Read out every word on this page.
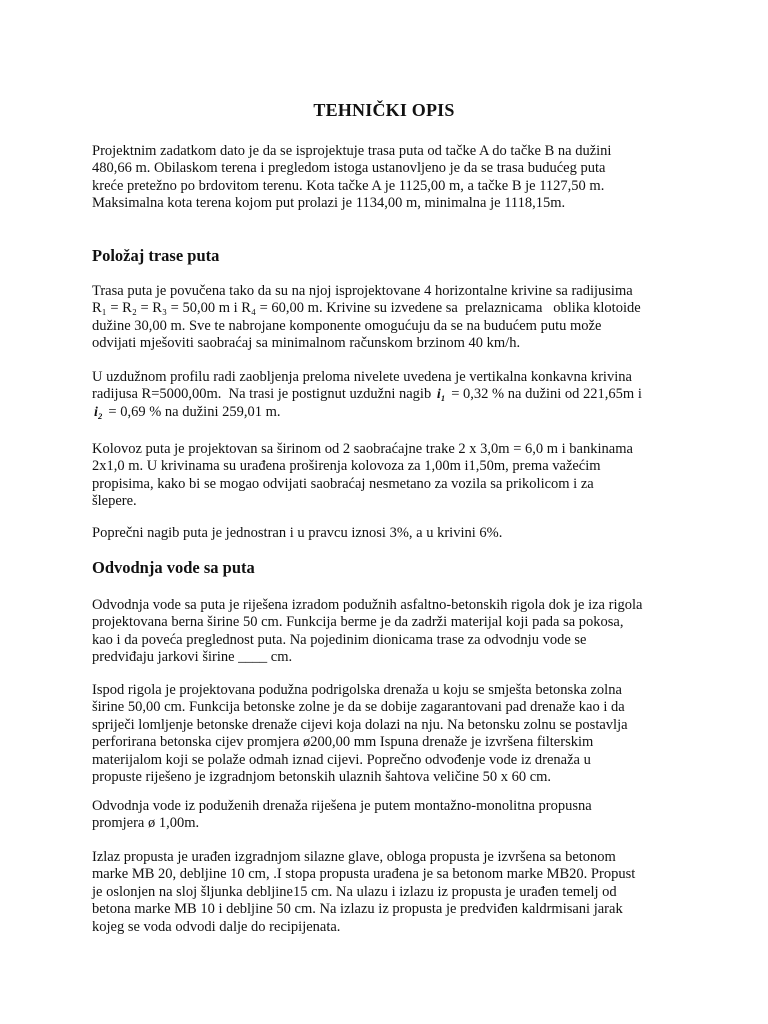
TEHNIČKI OPIS
Projektnim zadatkom dato je da se isprojektuje trasa puta od tačke A do tačke B na dužini
480,66 m. Obilaskom terena i pregledom istoga ustanovljeno je da se trasa budućeg puta
kreće pretežno po brdovitom terenu. Kota tačke A je 1125,00 m, a tačke B je 1127,50 m.
Maksimalna kota terena kojom put prolazi je 1134,00 m, minimalna je 1118,15m.
Položaj trase puta
Trasa puta je povučena tako da su na njoj isprojektovane 4 horizontalne krivine sa radijusima
R₁ = R₂ = R₃ = 50,00 m i R₄ = 60,00 m. Krivine su izvedene sa  prelaznicama   oblika klotoide
dužine 30,00 m. Sve te nabrojane komponente omogućuju da se na budućem putu može
odvijati mješoviti saobraćaj sa minimalnom računskom brzinom 40 km/h.
U uzdužnom profilu radi zaobljenja preloma nivelete uvedena je vertikalna konkavna krivina
radijusa R=5000,00m.  Na trasi je postignut uzdužni nagib i₁ = 0,32 % na dužini od 221,65m i
i₂ = 0,69 % na dužini 259,01 m.
Kolovoz puta je projektovan sa širinom od 2 saobraćajne trake 2 x 3,0m = 6,0 m i bankinama
2x1,0 m. U krivinama su urađena proširenja kolovoza za 1,00m i1,50m, prema važećim
propisima, kako bi se mogao odvijati saobraćaj nesmetano za vozila sa prikolicom i za
šlepere.
Poprečni nagib puta je jednostran i u pravcu iznosi 3%, a u krivini 6%.
Odvodnja vode sa puta
Odvodnja vode sa puta je riješena izradom podužnih asfaltno-betonskih rigola dok je iza rigola
projektovana berna širine 50 cm. Funkcija berme je da zadrži materijal koji pada sa pokosa,
kao i da poveća preglednost puta. Na pojedinim dionicama trase za odvodnju vode se
predviđaju jarkovi širine ____ cm.
Ispod rigola je projektovana podužna podrigolska drenaža u koju se smješta betonska zolna
širine 50,00 cm. Funkcija betonske zolne je da se dobije zagarantovani pad drenaže kao i da
spriječi lomljenje betonske drenaže cijevi koja dolazi na nju. Na betonsku zolnu se postavlja
perforirana betonska cijev promjera ø200,00 mm Ispuna drenaže je izvršena filterskim
materijalom koji se polaže odmah iznad cijevi. Poprečno odvođenje vode iz drenaža u
propuste riješeno je izgradnjom betonskih ulaznih šahtova veličine 50 x 60 cm.
Odvodnja vode iz poduženih drenaža riješena je putem montažno-monolitna propusna
promjera ø 1,00m.
Izlaz propusta je urađen izgradnjom silazne glave, obloga propusta je izvršena sa betonom
marke MB 20, debljine 10 cm, .I stopa propusta urađena je sa betonom marke MB20. Propust
je oslonjen na sloj šljunka debljine15 cm. Na ulazu i izlazu iz propusta je urađen temelj od
betona marke MB 10 i debljine 50 cm. Na izlazu iz propusta je predviđen kaldrmisani jarak
kojeg se voda odvodi dalje do recipijenata.
